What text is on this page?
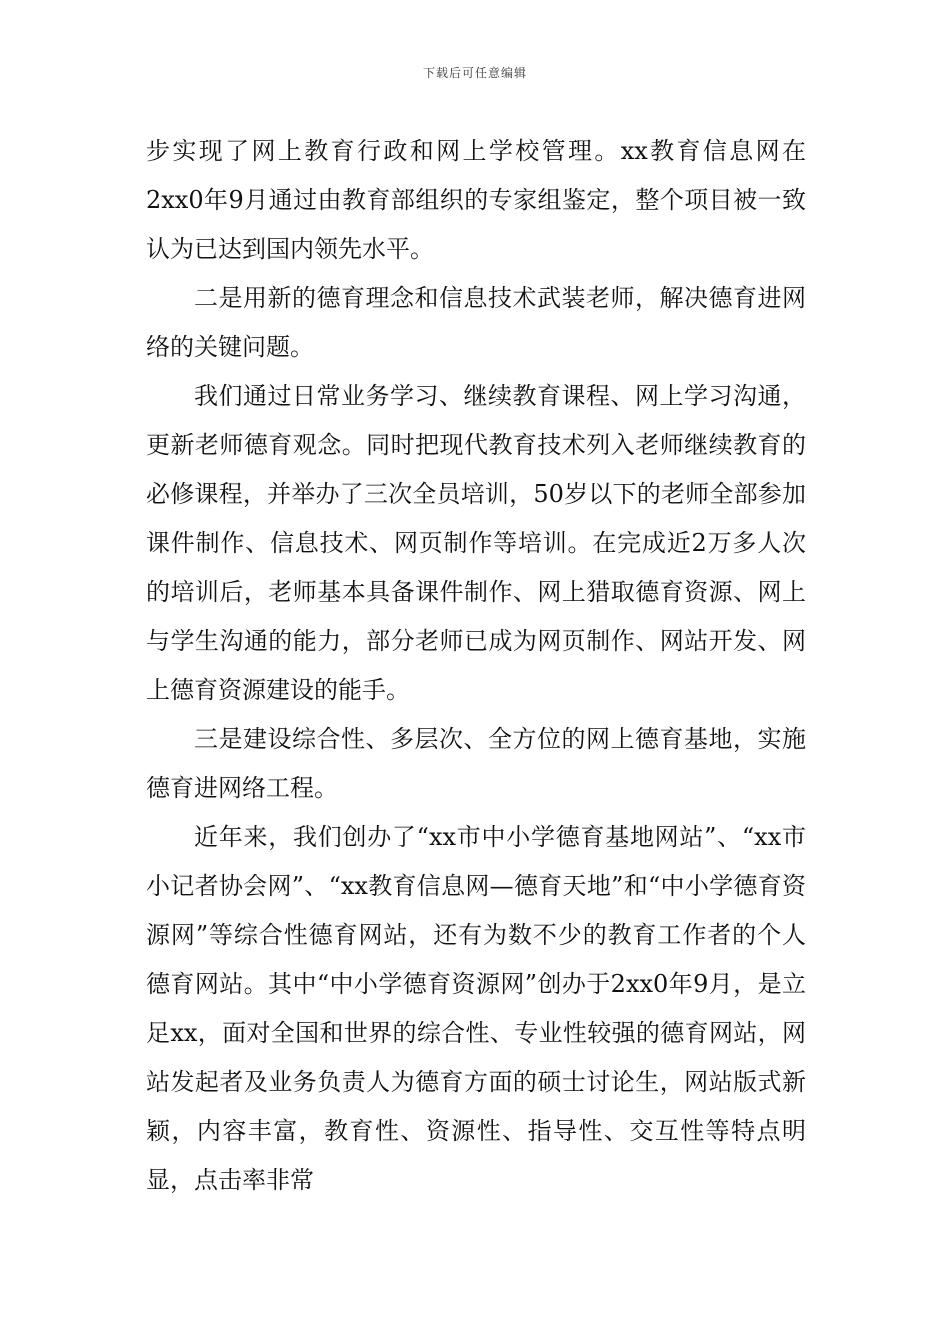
下载后可任意编辑

步实现了网上教育行政和网上学校管理。xx教育信息网在2xx0年9月通过由教育部组织的专家组鉴定，整个项目被一致认为已达到国内领先水平。

二是用新的德育理念和信息技术武装老师，解决德育进网络的关键问题。

我们通过日常业务学习、继续教育课程、网上学习沟通，更新老师德育观念。同时把现代教育技术列入老师继续教育的必修课程，并举办了三次全员培训，50岁以下的老师全部参加课件制作、信息技术、网页制作等培训。在完成近2万多人次的培训后，老师基本具备课件制作、网上猎取德育资源、网上与学生沟通的能力，部分老师已成为网页制作、网站开发、网上德育资源建设的能手。

三是建设综合性、多层次、全方位的网上德育基地，实施德育进网络工程。

近年来，我们创办了“xx市中小学德育基地网站”、“xx市小记者协会网”、“xx教育信息网—德育天地”和“中小学德育资源网”等综合性德育网站，还有为数不少的教育工作者的个人德育网站。其中“中小学德育资源网”创办于2xx0年9月，是立足xx，面对全国和世界的综合性、专业性较强的德育网站，网站发起者及业务负责人为德育方面的硕士讨论生，网站版式新颖，内容丰富，教育性、资源性、指导性、交互性等特点明显，点击率非常
